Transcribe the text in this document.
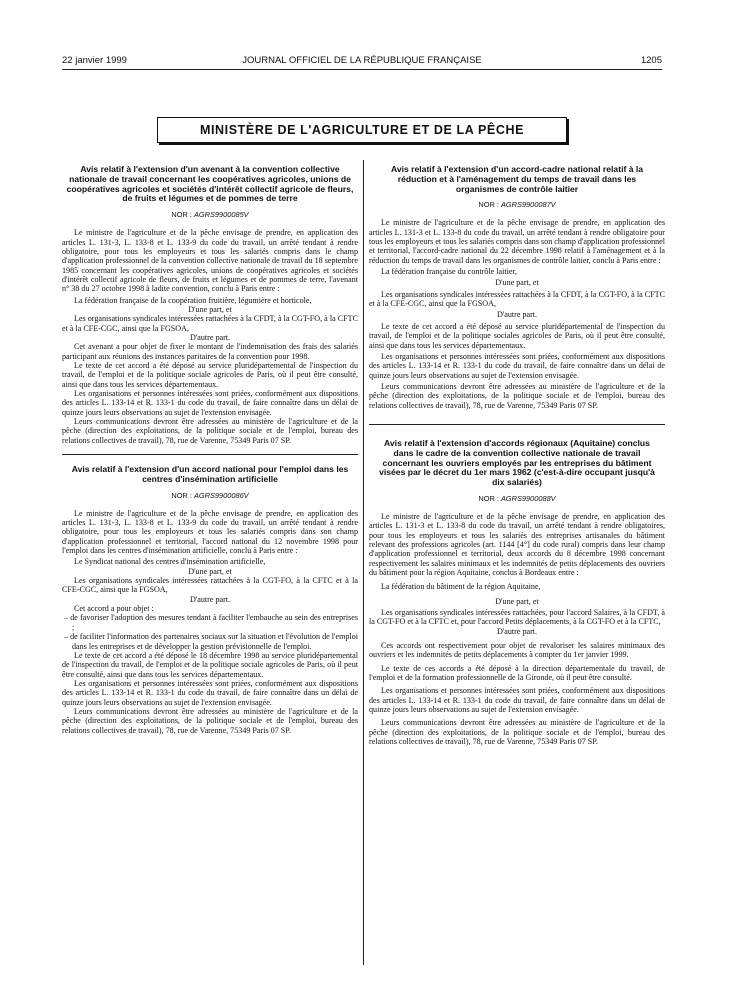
22 janvier 1999	JOURNAL OFFICIEL DE LA RÉPUBLIQUE FRANÇAISE	1205
MINISTÈRE DE L'AGRICULTURE ET DE LA PÊCHE
Avis relatif à l'extension d'un avenant à la convention collective nationale de travail concernant les coopératives agricoles, unions de coopératives agricoles et sociétés d'intérêt collectif agricole de fleurs, de fruits et légumes et de pommes de terre
NOR : AGRS9900085V

Le ministre de l'agriculture et de la pêche envisage de prendre, en application des articles L. 131-3, L. 133-8 et L. 133-9 du code du travail, un arrêté tendant à rendre obligatoire, pour tous les employeurs et tous les salariés compris dans le champ d'application professionnel de la convention collective nationale de travail du 18 septembre 1985 concernant les coopératives agricoles, unions de coopératives agricoles et sociétés d'intérêt collectif agricole de fleurs, de fruits et légumes et de pommes de terre, l'avenant n° 38 du 27 octobre 1998 à ladite convention, conclu à Paris entre :

La fédération française de la coopération fruitière, légumière et horticole,

D'une part, et

Les organisations syndicales intéressées rattachées à la CFDT, à la CGT-FO, à la CFTC et à la CFE-CGC, ainsi que la FGSOA,

D'autre part.

Cet avenant a pour objet de fixer le montant de l'indemnisation des frais des salariés participant aux réunions des instances paritaires de la convention pour 1998.

Le texte de cet accord a été déposé au service pluridépartemental de l'inspection du travail, de l'emploi et de la politique sociale agricoles de Paris, où il peut être consulté, ainsi que dans tous les services départementaux.

Les organisations et personnes intéressées sont priées, conformément aux dispositions des articles L. 133-14 et R. 133-1 du code du travail, de faire connaître dans un délai de quinze jours leurs observations au sujet de l'extension envisagée.

Leurs communications devront être adressées au ministère de l'agriculture et de la pêche (direction des exploitations, de la politique sociale et de l'emploi, bureau des relations collectives de travail), 78, rue de Varenne, 75349 Paris 07 SP.

Avis relatif à l'extension d'un accord national pour l'emploi dans les centres d'insémination artificielle
NOR : AGRS9900086V

Le ministre de l'agriculture et de la pêche envisage de prendre, en application des articles L. 131-3, L. 133-8 et L. 133-9 du code du travail, un arrêté tendant à rendre obligatoire, pour tous les employeurs et tous les salariés compris dans son champ d'application professionnel et territorial, l'accord national du 12 novembre 1998 pour l'emploi dans les centres d'insémination artificielle, conclu à Paris entre :

Le Syndicat national des centres d'insémination artificielle,

D'une part, et

Les organisations syndicales intéressées rattachées à la CGT-FO, à la CFTC et à la CFE-CGC, ainsi que la FGSOA,

D'autre part.

Cet accord a pour objet :

– de favoriser l'adoption des mesures tendant à faciliter l'embauche au sein des entreprises ;
– de faciliter l'information des partenaires sociaux sur la situation et l'évolution de l'emploi dans les entreprises et de développer la gestion prévisionnelle de l'emploi.

Le texte de cet accord a été déposé le 18 décembre 1998 au service pluridépartemental de l'inspection du travail, de l'emploi et de la politique sociale agricoles de Paris, où il peut être consulté, ainsi que dans tous les services départementaux.

Les organisations et personnes intéressées sont priées, conformément aux dispositions des articles L. 133-14 et R. 133-1 du code du travail, de faire connaître dans un délai de quinze jours leurs observations au sujet de l'extension envisagée.

Leurs communications devront être adressées au ministère de l'agriculture et de la pêche (direction des exploitations, de la politique sociale et de l'emploi, bureau des relations collectives de travail), 78, rue de Varenne, 75349 Paris 07 SP.

Avis relatif à l'extension d'un accord-cadre national relatif à la réduction et à l'aménagement du temps de travail dans les organismes de contrôle laitier
NOR : AGRS9900087V

Le ministre de l'agriculture et de la pêche envisage de prendre, en application des articles L. 131-3 et L. 133-8 du code du travail, un arrêté tendant à rendre obligatoire pour tous les employeurs et tous les salariés compris dans son champ d'application professionnel et territorial, l'accord-cadre national du 22 décembre 1998 relatif à l'aménagement et à la réduction du temps de travail dans les organismes de contrôle laitier, conclu à Paris entre :

La fédération française du contrôle laitier,

D'une part, et

Les organisations syndicales intéressées rattachées à la CFDT, à la CGT-FO, à la CFTC et à la CFE-CGC, ainsi que la FGSOA,

D'autre part.

Le texte de cet accord a été déposé au service pluridépartemental de l'inspection du travail, de l'emploi et de la politique sociales agricoles de Paris, où il peut être consulté, ainsi que dans tous les services départementaux.

Les organisations et personnes intéressées sont priées, conformément aux dispositions des articles L. 133-14 et R. 133-1 du code du travail, de faire connaître dans un délai de quinze jours leurs observations au sujet de l'extension envisagée.

Leurs communications devront être adressées au ministère de l'agriculture et de la pêche (direction des exploitations, de la politique sociale et de l'emploi, bureau des relations collectives de travail), 78, rue de Varenne, 75349 Paris 07 SP.

Avis relatif à l'extension d'accords régionaux (Aquitaine) conclus dans le cadre de la convention collective nationale de travail concernant les ouvriers employés par les entreprises du bâtiment visées par le décret du 1er mars 1962 (c'est-à-dire occupant jusqu'à dix salariés)
NOR : AGRS9900088V

Le ministre de l'agriculture et de la pêche envisage de prendre, en application des articles L. 131-3 et L. 133-8 du code du travail, un arrêté tendant à rendre obligatoires, pour tous les employeurs et tous les salariés des entreprises artisanales du bâtiment relevant des professions agricoles (art. 1144 [4°] du code rural) compris dans leur champ d'application professionnel et territorial, deux accords du 8 décembre 1998 concernant respectivement les salaires minimaux et les indemnités de petits déplacements des ouvriers du bâtiment pour la région Aquitaine, conclus à Bordeaux entre :

La fédération du bâtiment de la région Aquitaine,

D'une part, et

Les organisations syndicales intéressées rattachées, pour l'accord Salaires, à la CFDT, à la CGT-FO et à la CFTC et, pour l'accord Petits déplacements, à la CGT-FO et à la CFTC,

D'autre part.

Ces accords ont respectivement pour objet de revaloriser les salaires minimaux des ouvriers et les indemnités de petits déplacements à compter du 1er janvier 1999.

Le texte de ces accords a été déposé à la direction départementale du travail, de l'emploi et de la formation professionnelle de la Gironde, où il peut être consulté.

Les organisations et personnes intéressées sont priées, conformément aux dispositions des articles L. 133-14 et R. 133-1 du code du travail, de faire connaître dans un délai de quinze jours leurs observations au sujet de l'extension envisagée.

Leurs communications devront être adressées au ministère de l'agriculture et de la pêche (direction des exploitations, de la politique sociale et de l'emploi, bureau des relations collectives de travail), 78, rue de Varenne, 75349 Paris 07 SP.
